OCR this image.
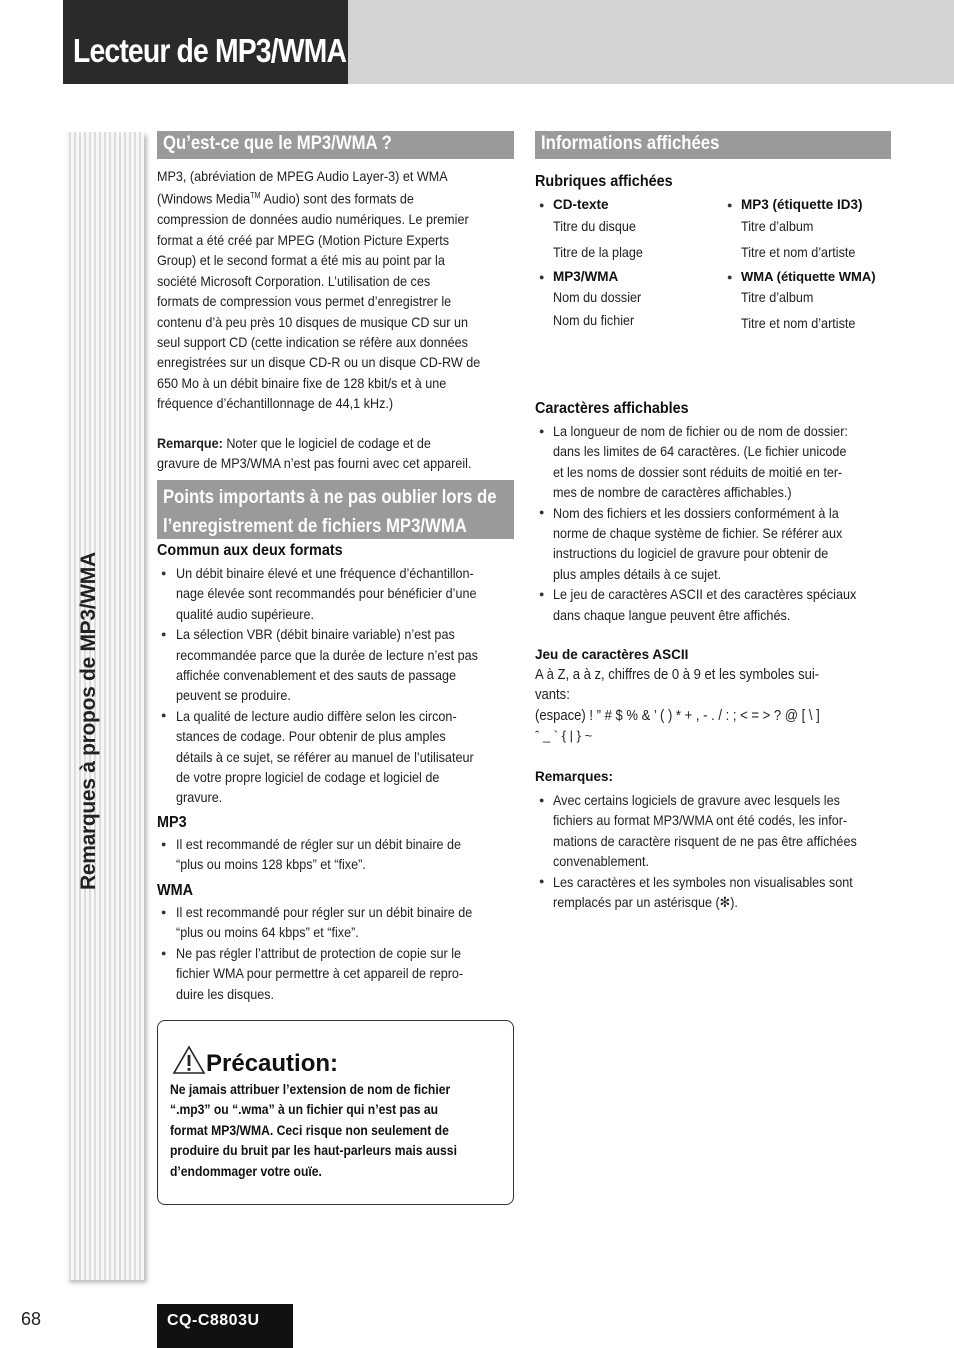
Lecteur de MP3/WMA
Remarques à propos de MP3/WMA
Qu’est-ce que le MP3/WMA ?
MP3, (abréviation de MPEG Audio Layer-3) et WMA
(Windows Media™ Audio) sont des formats de
compression de données audio numériques. Le premier
format a été créé par MPEG (Motion Picture Experts
Group) et le second format a été mis au point par la
société Microsoft Corporation. L’utilisation de ces
formats de compression vous permet d’enregistrer le
contenu d’à peu près 10 disques de musique CD sur un
seul support CD (cette indication se réfère aux données
enregistrées sur un disque CD-R ou un disque CD-RW de
650 Mo à un débit binaire fixe de 128 kbit/s et à une
fréquence d’échantillonnage de 44,1 kHz.)
Remarque: Noter que le logiciel de codage et de
gravure de MP3/WMA n’est pas fourni avec cet appareil.
Points importants à ne pas oublier lors de
l’enregistrement de fichiers MP3/WMA
Commun aux deux formats
●
●
●
Un débit binaire élevé et une fréquence d’échantillon-
nage élevée sont recommandés pour bénéficier d’une
qualité audio supérieure.
La sélection VBR (débit binaire variable) n’est pas
recommandée parce que la durée de lecture n’est pas
affichée convenablement et des sauts de passage
peuvent se produire.
La qualité de lecture audio diffère selon les circon-
stances de codage. Pour obtenir de plus amples
détails à ce sujet, se référer au manuel de l’utilisateur
de votre propre logiciel de codage et logiciel de
gravure.
MP3
● Il est recommandé de régler sur un débit binaire de
“plus ou moins 128 kbps” et “fixe”.
WMA
●
●
Il est recommandé pour régler sur un débit binaire de
“plus ou moins 64 kbps” et “fixe”.
Ne pas régler l’attribut de protection de copie sur le
fichier WMA pour permettre à cet appareil de repro-
duire les disques.
Précaution:
Ne jamais attribuer l’extension de nom de fichier
“.mp3” ou “.wma” à un fichier qui n’est pas au
format MP3/WMA. Ceci risque non seulement de
produire du bruit par les haut-parleurs mais aussi
d’endommager votre ouïe.
Informations affichées
Rubriques affichées
● CD-texte
Titre du disque
Titre de la plage
● MP3/WMA
Nom du dossier
Nom du fichier
● MP3 (étiquette ID3)
Titre d’album
Titre et nom d’artiste
● WMA (étiquette WMA)
Titre d’album
Titre et nom d’artiste
Caractères affichables
●
●
●
La longueur de nom de fichier ou de nom de dossier:
dans les limites de 64 caractères. (Le fichier unicode
et les noms de dossier sont réduits de moitié en ter-
mes de nombre de caractères affichables.)
Nom des fichiers et les dossiers conformément à la
norme de chaque système de fichier. Se référer aux
instructions du logiciel de gravure pour obtenir de
plus amples détails à ce sujet.
Le jeu de caractères ASCII et des caractères spéciaux
dans chaque langue peuvent être affichés.
Jeu de caractères ASCII
A à Z, a à z, chiffres de 0 à 9 et les symboles sui-
vants:
(espace) ! ” # $ % & ’ ( ) * + , - . / : ; < = > ? @ [ \ ]
ˆ _ ` { | } ~
Remarques:
●
●
Avec certains logiciels de gravure avec lesquels les
fichiers au format MP3/WMA ont été codés, les infor-
mations de caractère risquent de ne pas être affichées
convenablement.
Les caractères et les symboles non visualisables sont
remplacés par un astérisque (✻).
68	CQ-C8803U
